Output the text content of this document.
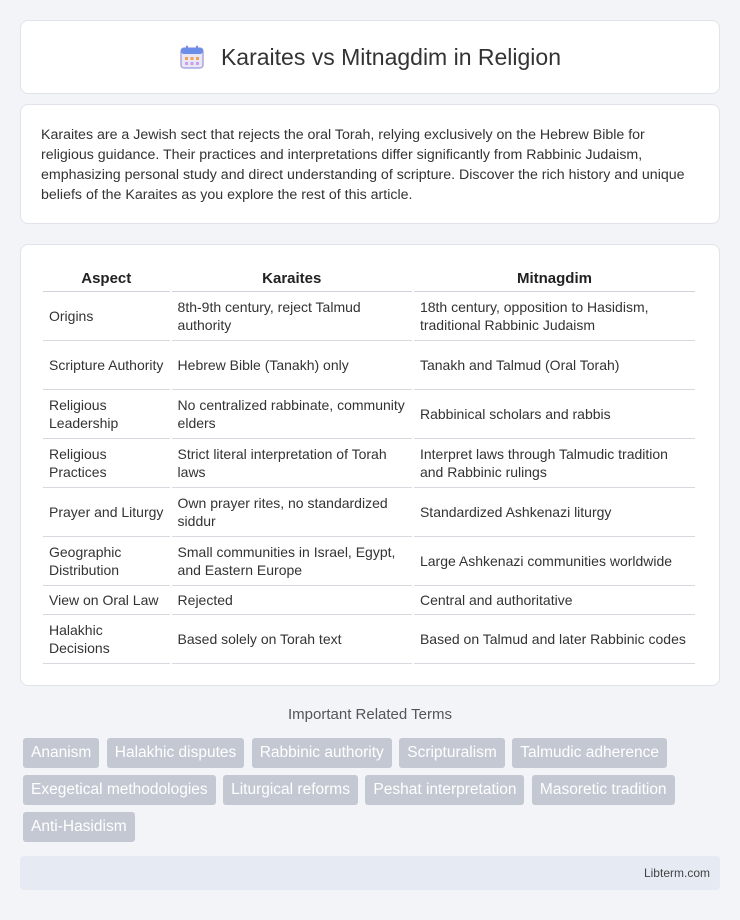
Karaites vs Mitnagdim in Religion

Karaites are a Jewish sect that rejects the oral Torah, relying exclusively on the Hebrew Bible for religious guidance. Their practices and interpretations differ significantly from Rabbinic Judaism, emphasizing personal study and direct understanding of scripture. Discover the rich history and unique beliefs of the Karaites as you explore the rest of this article.

Aspect	Karaites	Mitnagdim
Origins	8th-9th century, reject Talmud authority	18th century, opposition to Hasidism, traditional Rabbinic Judaism
Scripture Authority	Hebrew Bible (Tanakh) only	Tanakh and Talmud (Oral Torah)
Religious Leadership	No centralized rabbinate, community elders	Rabbinical scholars and rabbis
Religious Practices	Strict literal interpretation of Torah laws	Interpret laws through Talmudic tradition and Rabbinic rulings
Prayer and Liturgy	Own prayer rites, no standardized siddur	Standardized Ashkenazi liturgy
Geographic Distribution	Small communities in Israel, Egypt, and Eastern Europe	Large Ashkenazi communities worldwide
View on Oral Law	Rejected	Central and authoritative
Halakhic Decisions	Based solely on Torah text	Based on Talmud and later Rabbinic codes
Important Related Terms
Ananism Halakhic disputes Rabbinic authority Scripturalism Talmudic adherence Exegetical methodologies Liturgical reforms Peshat interpretation Masoretic tradition Anti-Hasidism
Libterm.com
